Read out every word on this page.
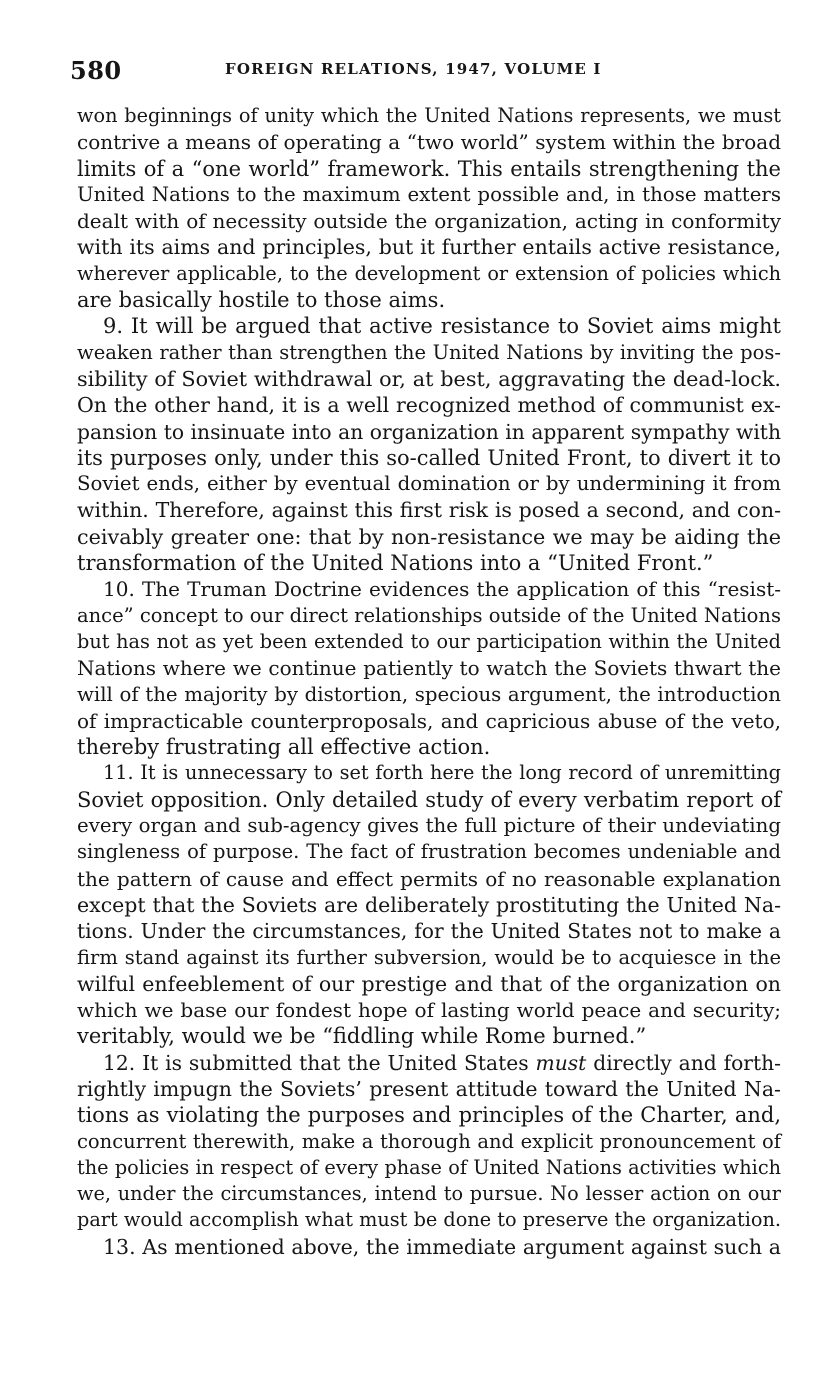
580	FOREIGN RELATIONS, 1947, VOLUME I
won beginnings of unity which the United Nations represents, we must
contrive a means of operating a “two world” system within the broad
limits of a “one world” framework. This entails strengthening the
United Nations to the maximum extent possible and, in those matters
dealt with of necessity outside the organization, acting in conformity
with its aims and principles, but it further entails active resistance,
wherever applicable, to the development or extension of policies which
are basically hostile to those aims.
9. It will be argued that active resistance to Soviet aims might
weaken rather than strengthen the United Nations by inviting the pos-
sibility of Soviet withdrawal or, at best, aggravating the dead-lock.
On the other hand, it is a well recognized method of communist ex-
pansion to insinuate into an organization in apparent sympathy with
its purposes only, under this so-called United Front, to divert it to
Soviet ends, either by eventual domination or by undermining it from
within. Therefore, against this first risk is posed a second, and con-
ceivably greater one: that by non-resistance we may be aiding the
transformation of the United Nations into a “United Front.”
10. The Truman Doctrine evidences the application of this “resist-
ance” concept to our direct relationships outside of the United Nations
but has not as yet been extended to our participation within the United
Nations where we continue patiently to watch the Soviets thwart the
will of the majority by distortion, specious argument, the introduction
of impracticable counterproposals, and capricious abuse of the veto,
thereby frustrating all effective action.
11. It is unnecessary to set forth here the long record of unremitting
Soviet opposition. Only detailed study of every verbatim report of
every organ and sub-agency gives the full picture of their undeviating
singleness of purpose. The fact of frustration becomes undeniable and
the pattern of cause and effect permits of no reasonable explanation
except that the Soviets are deliberately prostituting the United Na-
tions. Under the circumstances, for the United States not to make a
firm stand against its further subversion, would be to acquiesce in the
wilful enfeeblement of our prestige and that of the organization on
which we base our fondest hope of lasting world peace and security;
veritably, would we be “fiddling while Rome burned.”
12. It is submitted that the United States must directly and forth-
rightly impugn the Soviets’ present attitude toward the United Na-
tions as violating the purposes and principles of the Charter, and,
concurrent therewith, make a thorough and explicit pronouncement of
the policies in respect of every phase of United Nations activities which
we, under the circumstances, intend to pursue. No lesser action on our
part would accomplish what must be done to preserve the organization.
13. As mentioned above, the immediate argument against such a
